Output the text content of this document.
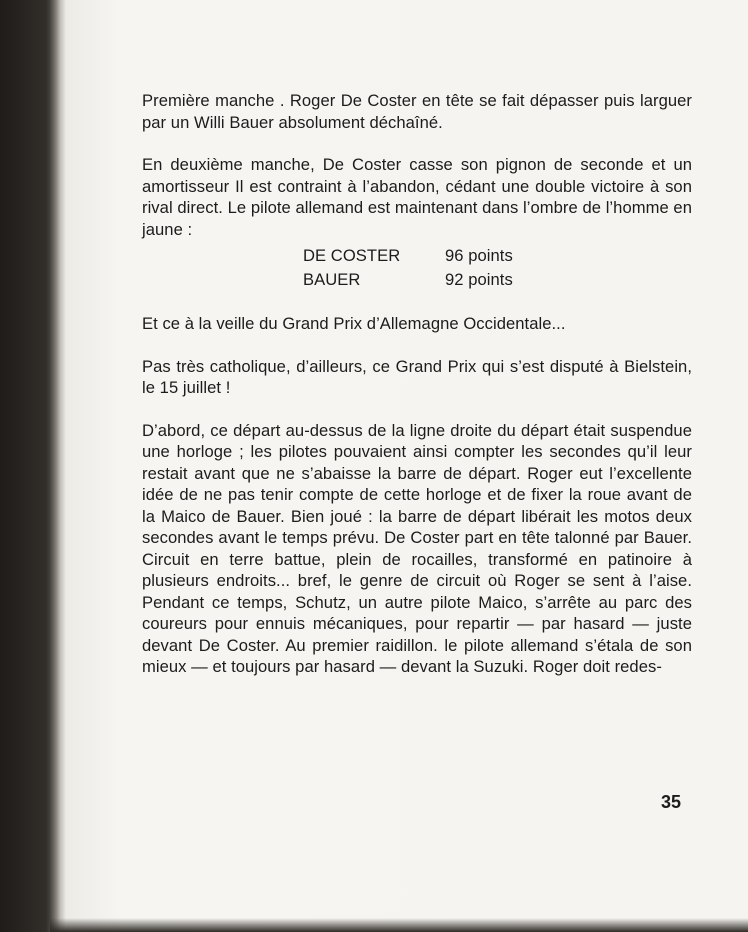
Première manche . Roger De Coster en tête se fait dépasser puis larguer par un Willi Bauer absolument déchaîné.

En deuxième manche, De Coster casse son pignon de seconde et un amortisseur Il est contraint à l’abandon, cédant une double victoire à son rival direct. Le pilote allemand est maintenant dans l’ombre de l’homme en jaune :

DE COSTER	96 points
BAUER	92 points

Et ce à la veille du Grand Prix d’Allemagne Occidentale...

Pas très catholique, d’ailleurs, ce Grand Prix qui s’est disputé à Bielstein, le 15 juillet !

D’abord, ce départ au-dessus de la ligne droite du départ était suspendue une horloge ; les pilotes pouvaient ainsi compter les secondes qu’il leur restait avant que ne s’abaisse la barre de départ. Roger eut l’excellente idée de ne pas tenir compte de cette horloge et de fixer la roue avant de la Maico de Bauer. Bien joué : la barre de départ libérait les motos deux secondes avant le temps prévu. De Coster part en tête talonné par Bauer. Circuit en terre battue, plein de rocailles, transformé en patinoire à plusieurs endroits... bref, le genre de circuit où Roger se sent à l’aise. Pendant ce temps, Schutz, un autre pilote Maico, s’arrête au parc des coureurs pour ennuis mécaniques, pour repartir — par hasard — juste devant De Coster. Au premier raidillon. le pilote allemand s’étala de son mieux — et toujours par hasard — devant la Suzuki. Roger doit redes-

35
